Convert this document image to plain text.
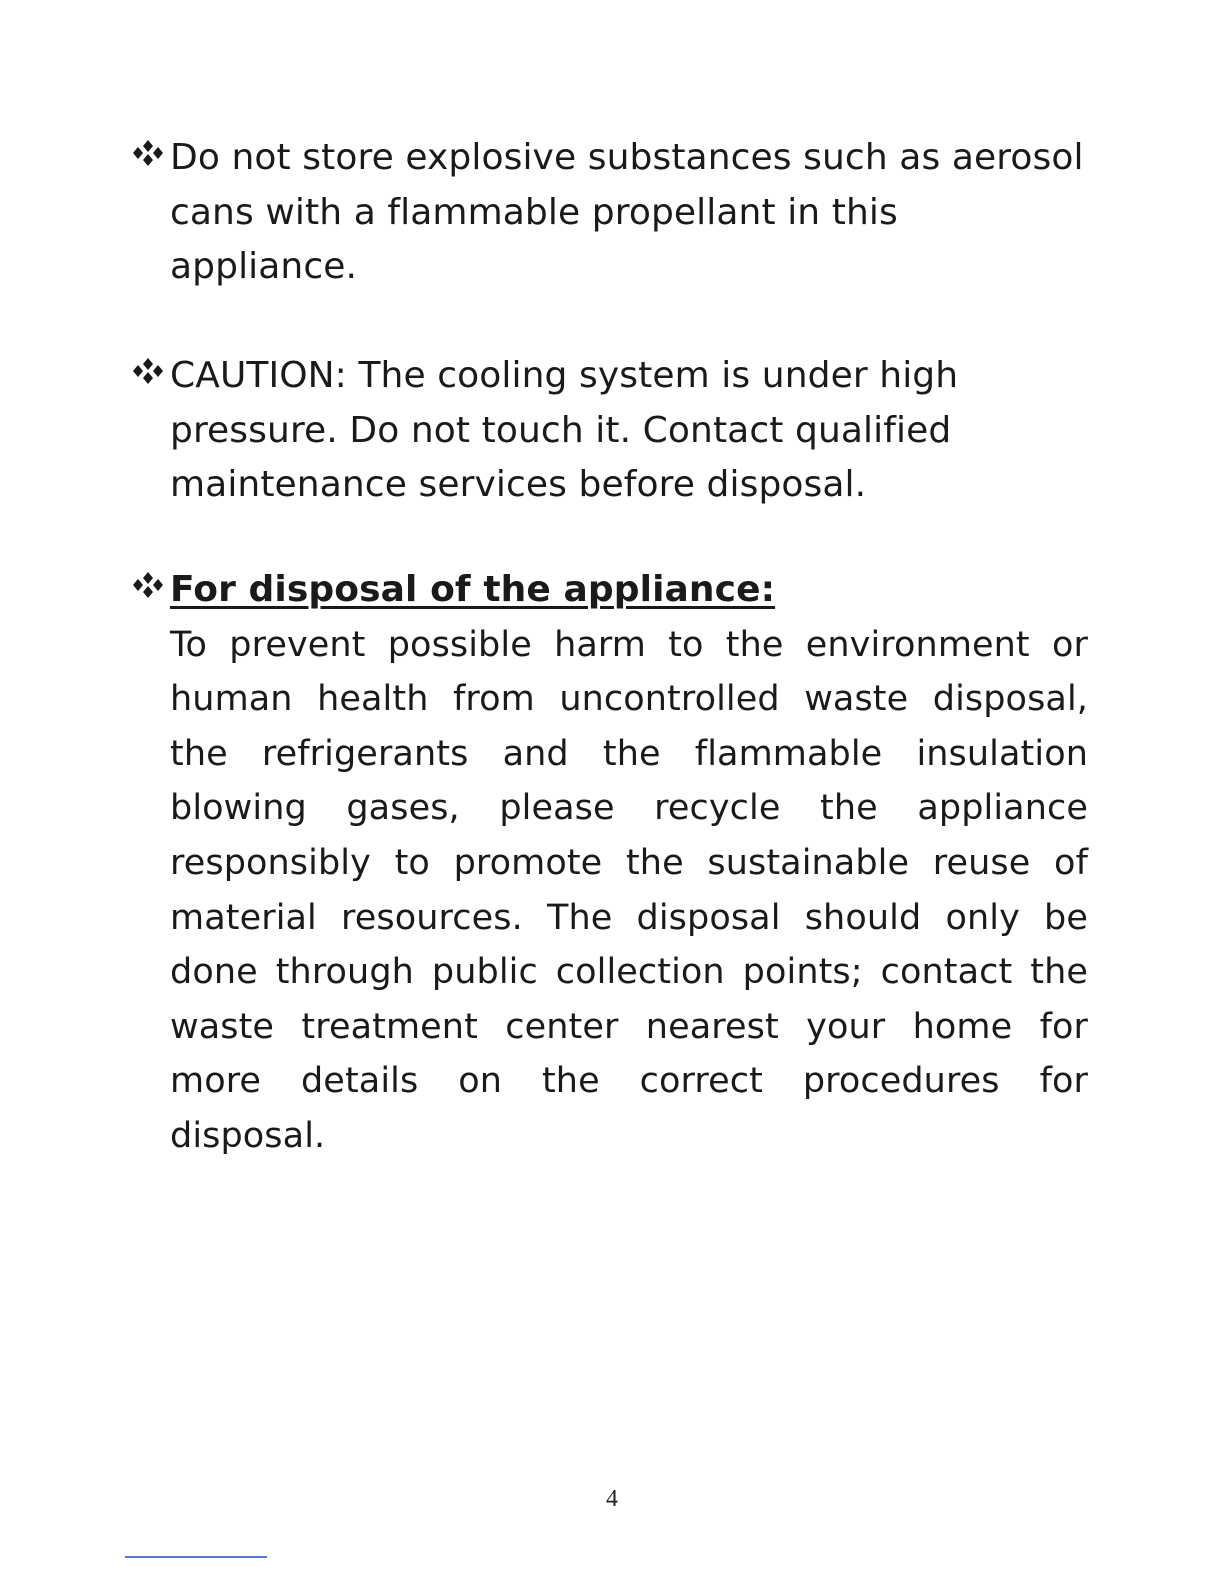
Do not store explosive substances such as aerosol cans with a flammable propellant in this appliance.
CAUTION: The cooling system is under high pressure. Do not touch it. Contact qualified maintenance services before disposal.
For disposal of the appliance:
To prevent possible harm to the environment or human health from uncontrolled waste disposal, the refrigerants and the flammable insulation blowing gases, please recycle the appliance responsibly to promote the sustainable reuse of material resources. The disposal should only be done through public collection points; contact the waste treatment center nearest your home for more details on the correct procedures for disposal.
4
